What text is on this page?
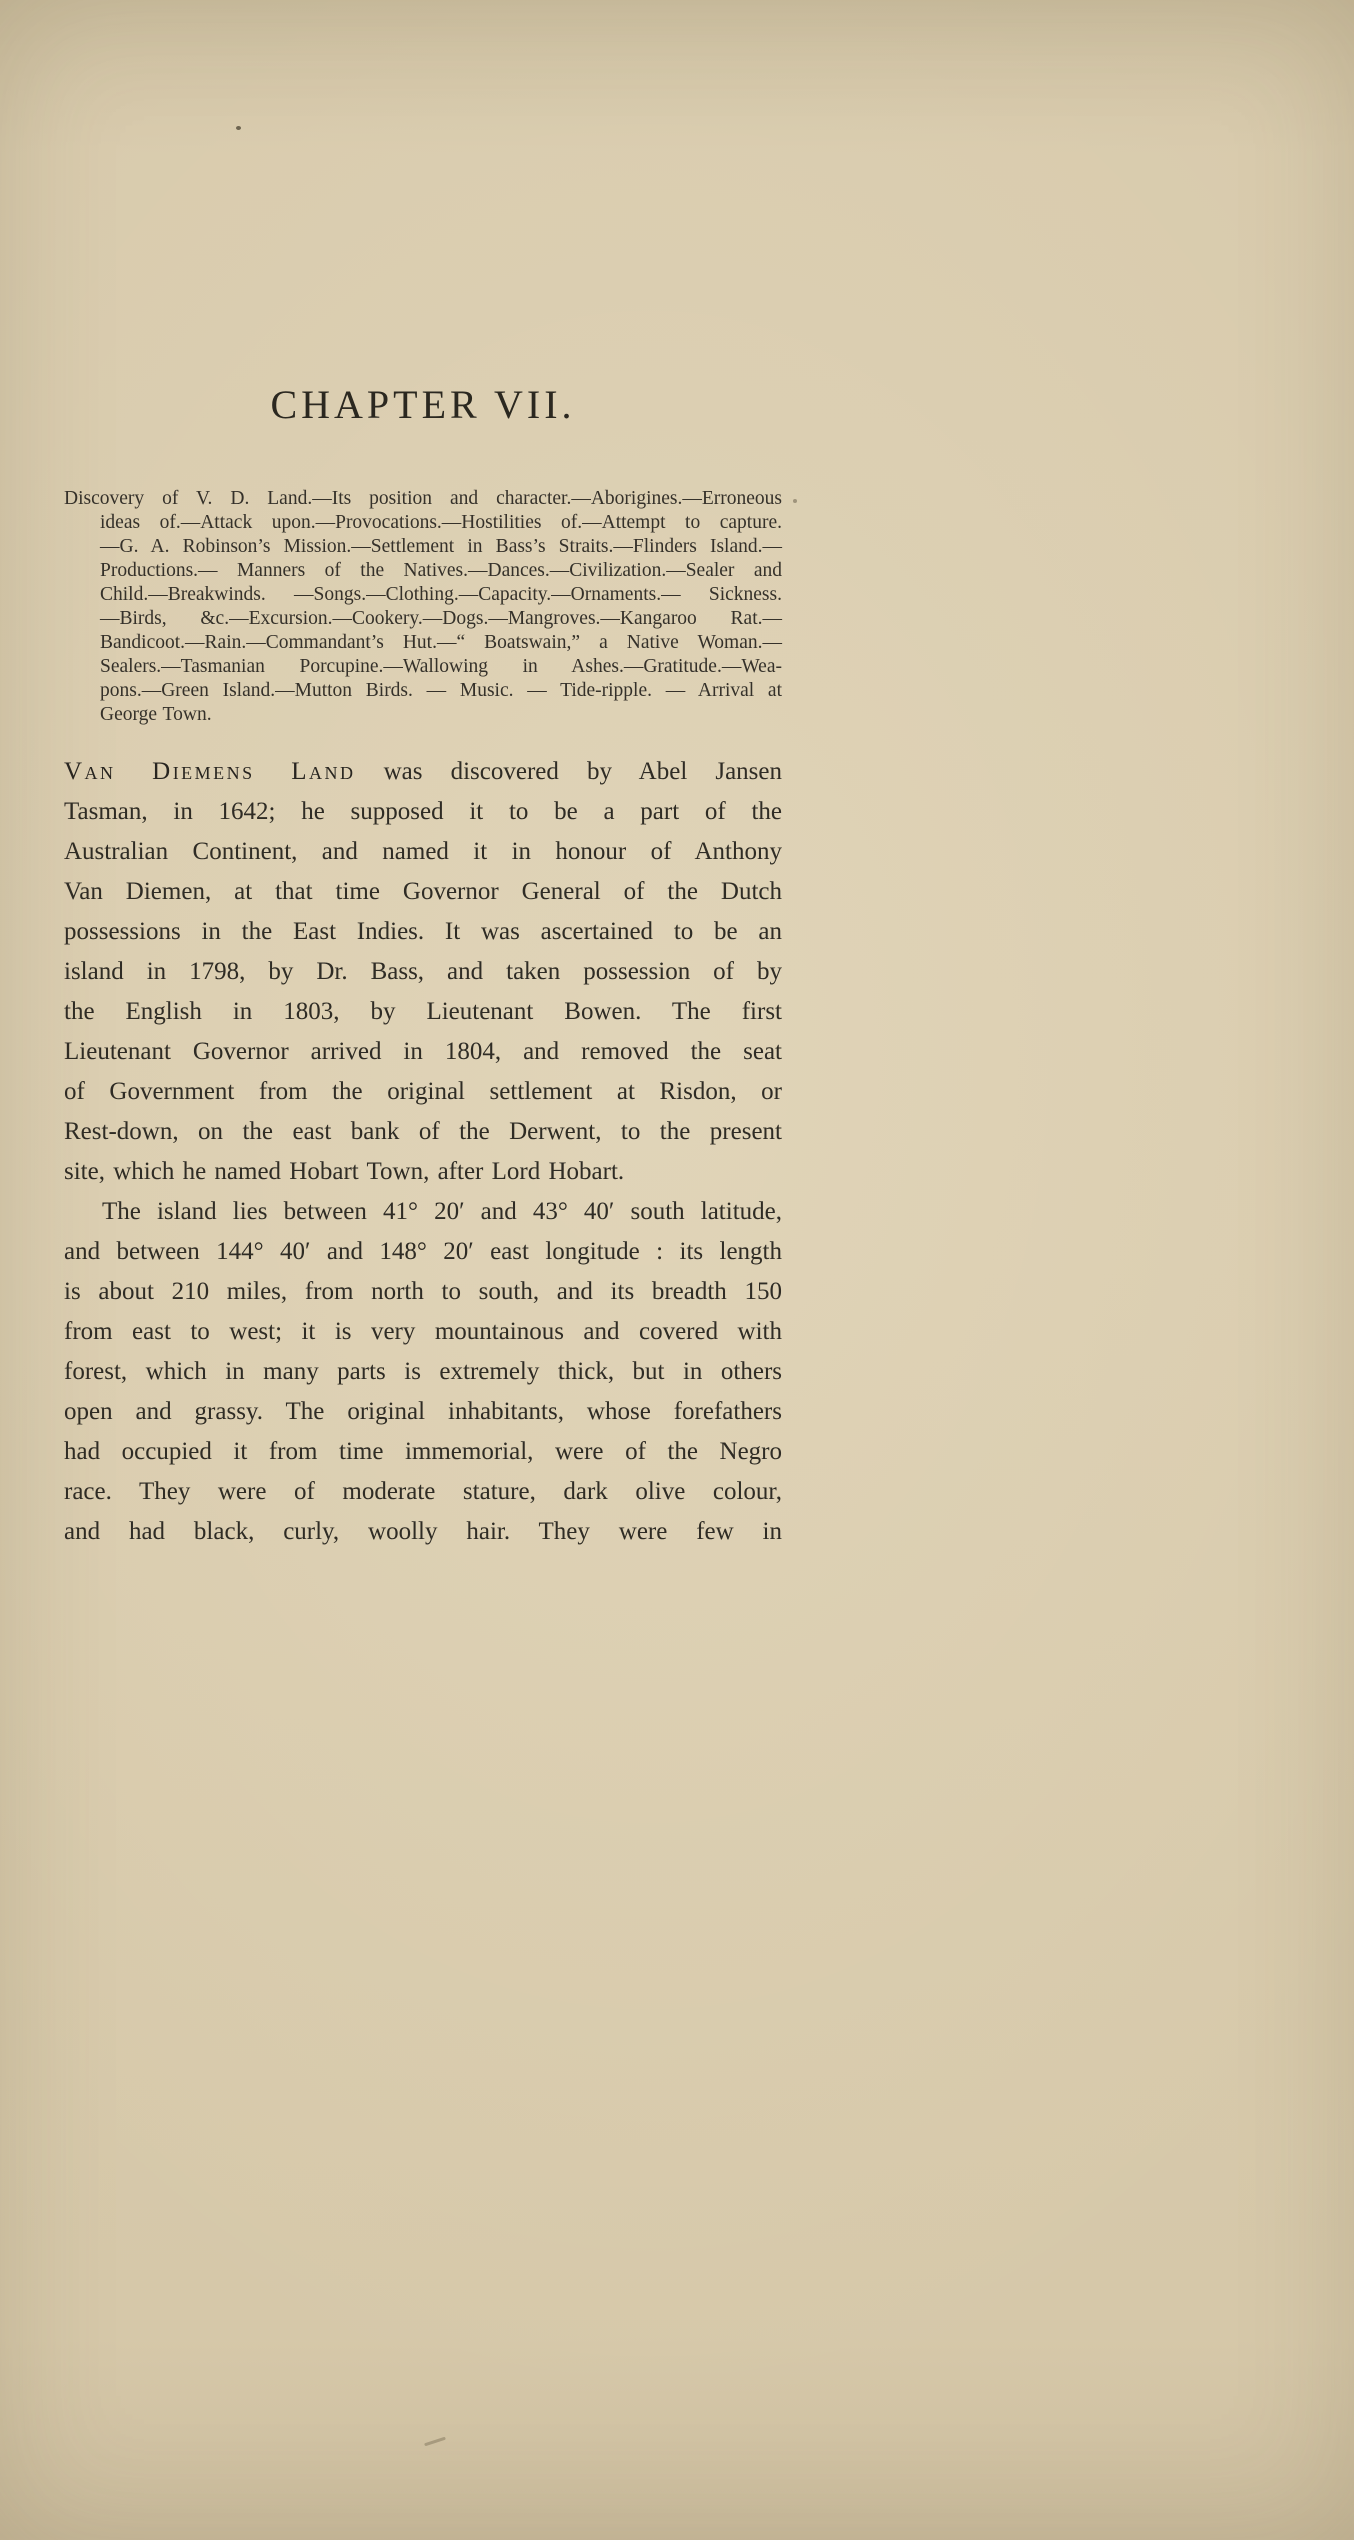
CHAPTER VII.
Discovery of V. D. Land.—Its position and character.—Aborigines.—Erroneous
ideas of.—Attack upon.—Provocations.—Hostilities of.—Attempt to capture.
—G. A. Robinson’s Mission.—Settlement in Bass’s Straits.—Flinders Island.—
Productions.— Manners of the Natives.—Dances.—Civilization.—Sealer and
Child.—Breakwinds. —Songs.—Clothing.—Capacity.—Ornaments.— Sickness.
—Birds, &c.—Excursion.—Cookery.—Dogs.—Mangroves.—Kangaroo Rat.—
Bandicoot.—Rain.—Commandant’s Hut.—“ Boatswain,” a Native Woman.—
Sealers.—Tasmanian Porcupine.—Wallowing in Ashes.—Gratitude.—Wea-
pons.—Green Island.—Mutton Birds. — Music. — Tide-ripple. — Arrival at
George Town.
Van Diemens Land was discovered by Abel Jansen
Tasman, in 1642; he supposed it to be a part of the
Australian Continent, and named it in honour of Anthony
Van Diemen, at that time Governor General of the Dutch
possessions in the East Indies. It was ascertained to be an
island in 1798, by Dr. Bass, and taken possession of by
the English in 1803, by Lieutenant Bowen. The first
Lieutenant Governor arrived in 1804, and removed the seat
of Government from the original settlement at Risdon, or
Rest-down, on the east bank of the Derwent, to the present
site, which he named Hobart Town, after Lord Hobart.
The island lies between 41° 20′ and 43° 40′ south latitude,
and between 144° 40′ and 148° 20′ east longitude : its length
is about 210 miles, from north to south, and its breadth 150
from east to west; it is very mountainous and covered with
forest, which in many parts is extremely thick, but in others
open and grassy. The original inhabitants, whose forefathers
had occupied it from time immemorial, were of the Negro
race. They were of moderate stature, dark olive colour,
and had black, curly, woolly hair. They were few in
